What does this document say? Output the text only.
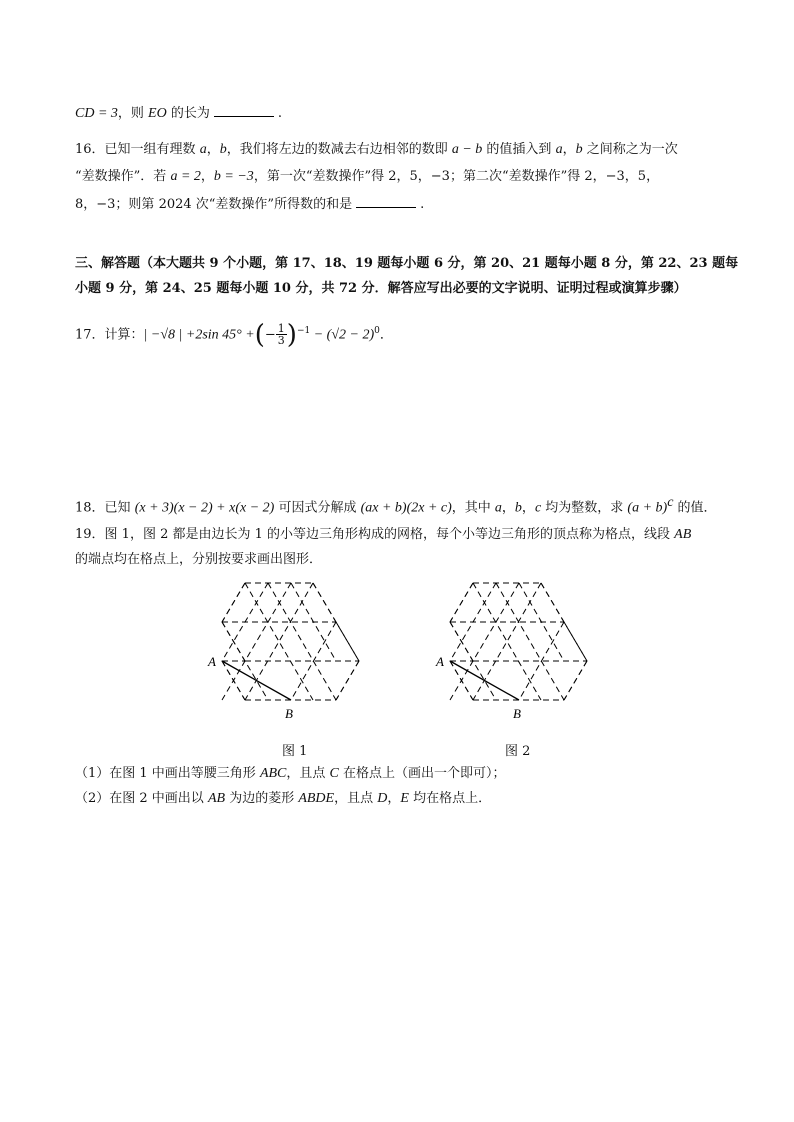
CD = 3，则 EO 的长为	.
16．已知一组有理数 a，b，我们将左边的数减去右边相邻的数即 a − b 的值插入到 a，b 之间称之为一次
“差数操作”．若 a = 2，b = −3，第一次“差数操作”得 2，5，−3；第二次“差数操作”得 2，−3，5，
8，−3；则第 2024 次“差数操作”所得数的和是	.
三、解答题（本大题共 9 个小题，第 17、18、19 题每小题 6 分，第 20、21 题每小题 8 分，第 22、23 题每
小题 9 分，第 24、25 题每小题 10 分，共 72 分．解答应写出必要的文字说明、证明过程或演算步骤）
17．计算：| −√8 | +2sin 45° +(− $\frac{1}{3} )^{-1} - (√2 - 2)^0$．
18．已知 (x + 3)(x − 2) + x(x − 2) 可因式分解成 (ax + b)(2x + c)，其中 a，b，c 均为整数，求 $(a + b)^c$ 的值．
19．图 1，图 2 都是由边长为 1 的小等边三角形构成的网格，每个小等边三角形的顶点称为格点，线段 AB
的端点均在格点上，分别按要求画出图形．
A
B
A
B
图 1	图 2
（1）在图 1 中画出等腰三角形 ABC，且点 C 在格点上（画出一个即可）；
（2）在图 2 中画出以 AB 为边的菱形 ABDE，且点 D，E 均在格点上．
